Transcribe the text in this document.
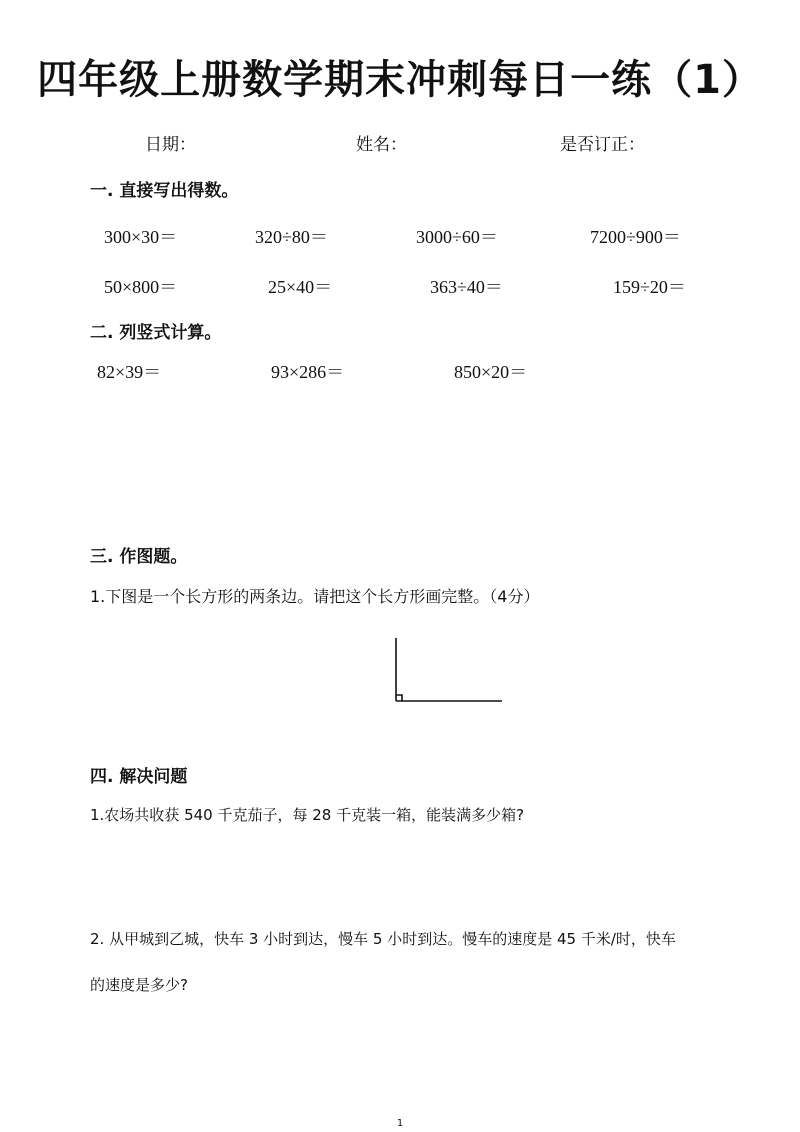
四年级上册数学期末冲刺每日一练（1）
日期：	姓名：	是否订正：
一. 直接写出得数。
300×30＝	320÷80＝	3000÷60＝	7200÷900＝
50×800＝	25×40＝	363÷40＝	159÷20＝
二. 列竖式计算。
82×39＝	93×286＝	850×20＝
三. 作图题。
1.下图是一个长方形的两条边。请把这个长方形画完整。（4分）
四. 解决问题
1.农场共收获 540 千克茄子，每 28 千克装一箱，能装满多少箱?
2. 从甲城到乙城，快车 3 小时到达，慢车 5 小时到达。慢车的速度是 45 千米/时，快车
的速度是多少?
1
